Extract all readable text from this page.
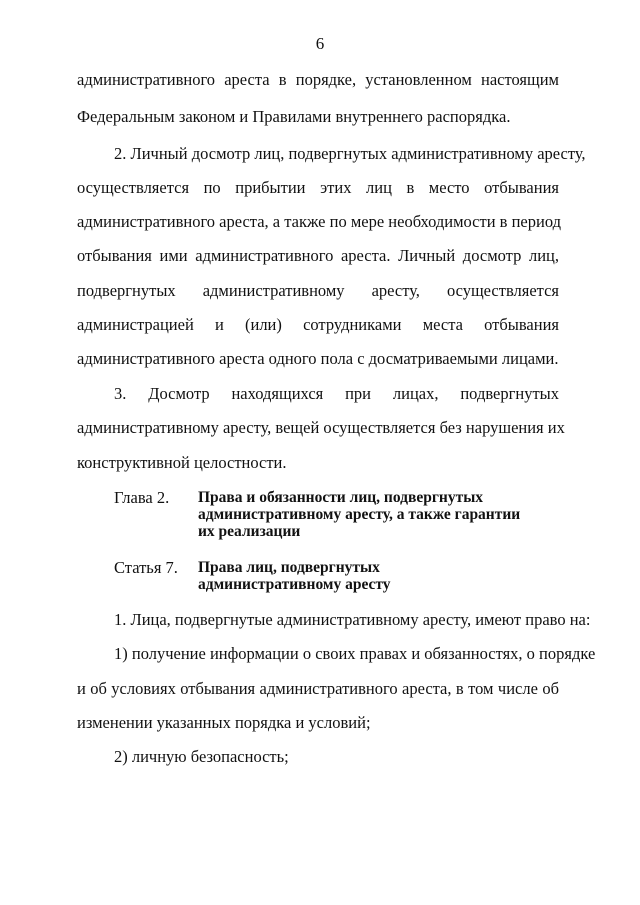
6
административного ареста в порядке, установленном настоящим
Федеральным законом и Правилами внутреннего распорядка.
2. Личный досмотр лиц, подвергнутых административному аресту,
осуществляется по прибытии этих лиц в место отбывания
административного ареста, а также по мере необходимости в период
отбывания ими административного ареста. Личный досмотр лиц,
подвергнутых административному аресту, осуществляется
администрацией и (или) сотрудниками места отбывания
административного ареста одного пола с досматриваемыми лицами.
3. Досмотр находящихся при лицах, подвергнутых
административному аресту, вещей осуществляется без нарушения их
конструктивной целостности.
Глава 2. Права и обязанности лиц, подвергнутых
административному аресту, а также гарантии
их реализации
Статья 7. Права лиц, подвергнутых
административному аресту
1. Лица, подвергнутые административному аресту, имеют право на:
1) получение информации о своих правах и обязанностях, о порядке
и об условиях отбывания административного ареста, в том числе об
изменении указанных порядка и условий;
2) личную безопасность;
